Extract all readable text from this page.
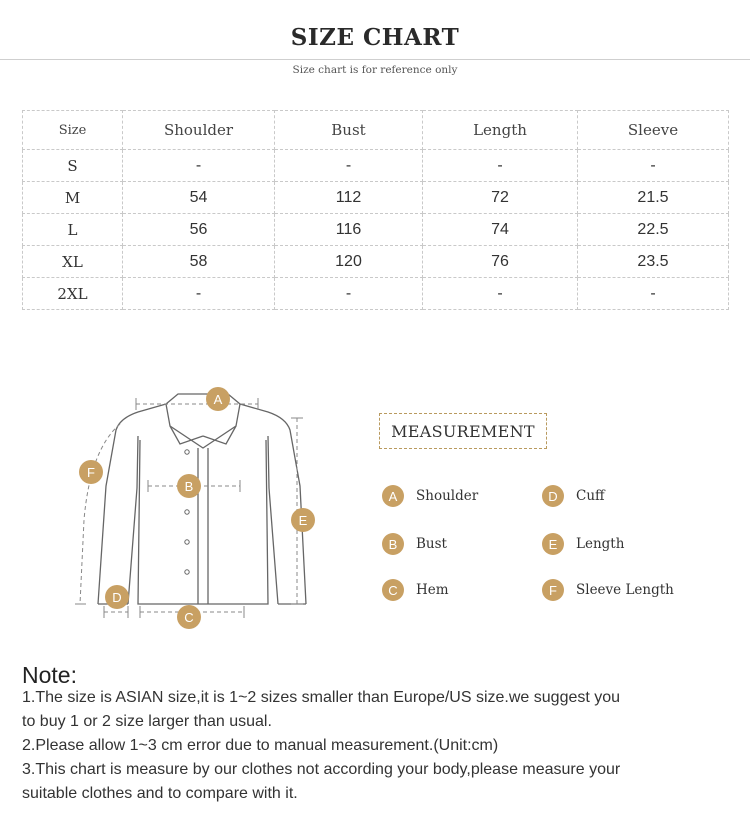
SIZE CHART
Size chart is for reference only
Size	Shoulder	Bust	Length	Sleeve
S	-	-	-	-
M	54	112	72	21.5
L	56	116	74	22.5
XL	58	120	76	23.5
2XL	-	-	-	-
A
B
C
D
E
F
MEASUREMENT
A	Shoulder
B	Bust
C	Hem
D	Cuff
E	Length
F	Sleeve Length
Note:
1.The size is ASIAN size,it is 1~2 sizes smaller than Europe/US size.we suggest you
to buy 1 or 2 size larger than usual.
2.Please allow 1~3 cm error due to manual measurement.(Unit:cm)
3.This chart is measure by our clothes not according your body,please measure your
suitable clothes and to compare with it.
